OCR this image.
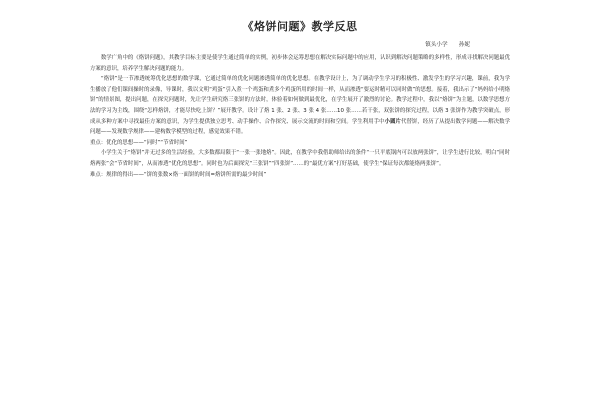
《烙饼问题》教学反思
镇头小学　　孙妮

　　数学广角中的《烙饼问题》，其教学目标主要是使学生通过简单的实例，初步体会运筹思想在解决实际问题中的应用，认识到解决问题策略的多样性，形成寻找解决问题最优方案的意识，培养学生解决问题的能力。

　　“烙饼”是一节渗透统筹优化思想的数学课，它通过简单的优化问题渗透简单的优化思想。在教学设计上，为了调动学生学习的积极性、激发学生的学习兴趣，课前，我为学生播放了他们课间操时的录像，导课时，我以文明“鸡蛋”引入煮一个鸡蛋和煮多个鸡蛋所用的时间一样，从而渗透“要运时精可以同时做”的思想。接着，我出示了“妈妈给小明烙饼”的情景图，提出问题，在探究问题时，先让学生研究烙三张饼的方法时，体验着如何做到最优化，在学生展开了激烈的讨论。教学过程中，我以“烙饼”为主题，以数学思想方法的学习为主线，围绕“怎样烙饼，才能尽快吃上饼？”展开教学。设计了烙 1 张、2 张、3 张 4 张……10 张……若干张，双张饼的探究过程，以烙 3 张饼作为教学突破点，形成从多种方案中寻找最佳方案的意识，为学生提供独立思考、动手操作、合作探究、展示交流的时间和空间。学生利用手中小圆片代替饼，经历了从提出数学问题——解决数学问题——发现数学规律——建构数学模型的过程，感觉效果不错。

重点：优化的思想——“同时”“节省时间”

　　小学生关于“烙饼”并无过多的生活经验，大多数都局限于“一张一张地烙”。因此，在教学中我借助师给出的条件“一只平底锅内可以放两张饼”，让学生进行比较，明白“同时烙两张”会“节省时间”，从而渗透“优化的思想”。同时也为后面探究“三张饼”“四张饼”……的“最优方案”打好基础，使学生“保证每次都能烙两张饼”。

难点：规律的得出——“饼的张数×烙一面饼的时间=烙饼所需的最少时间”
